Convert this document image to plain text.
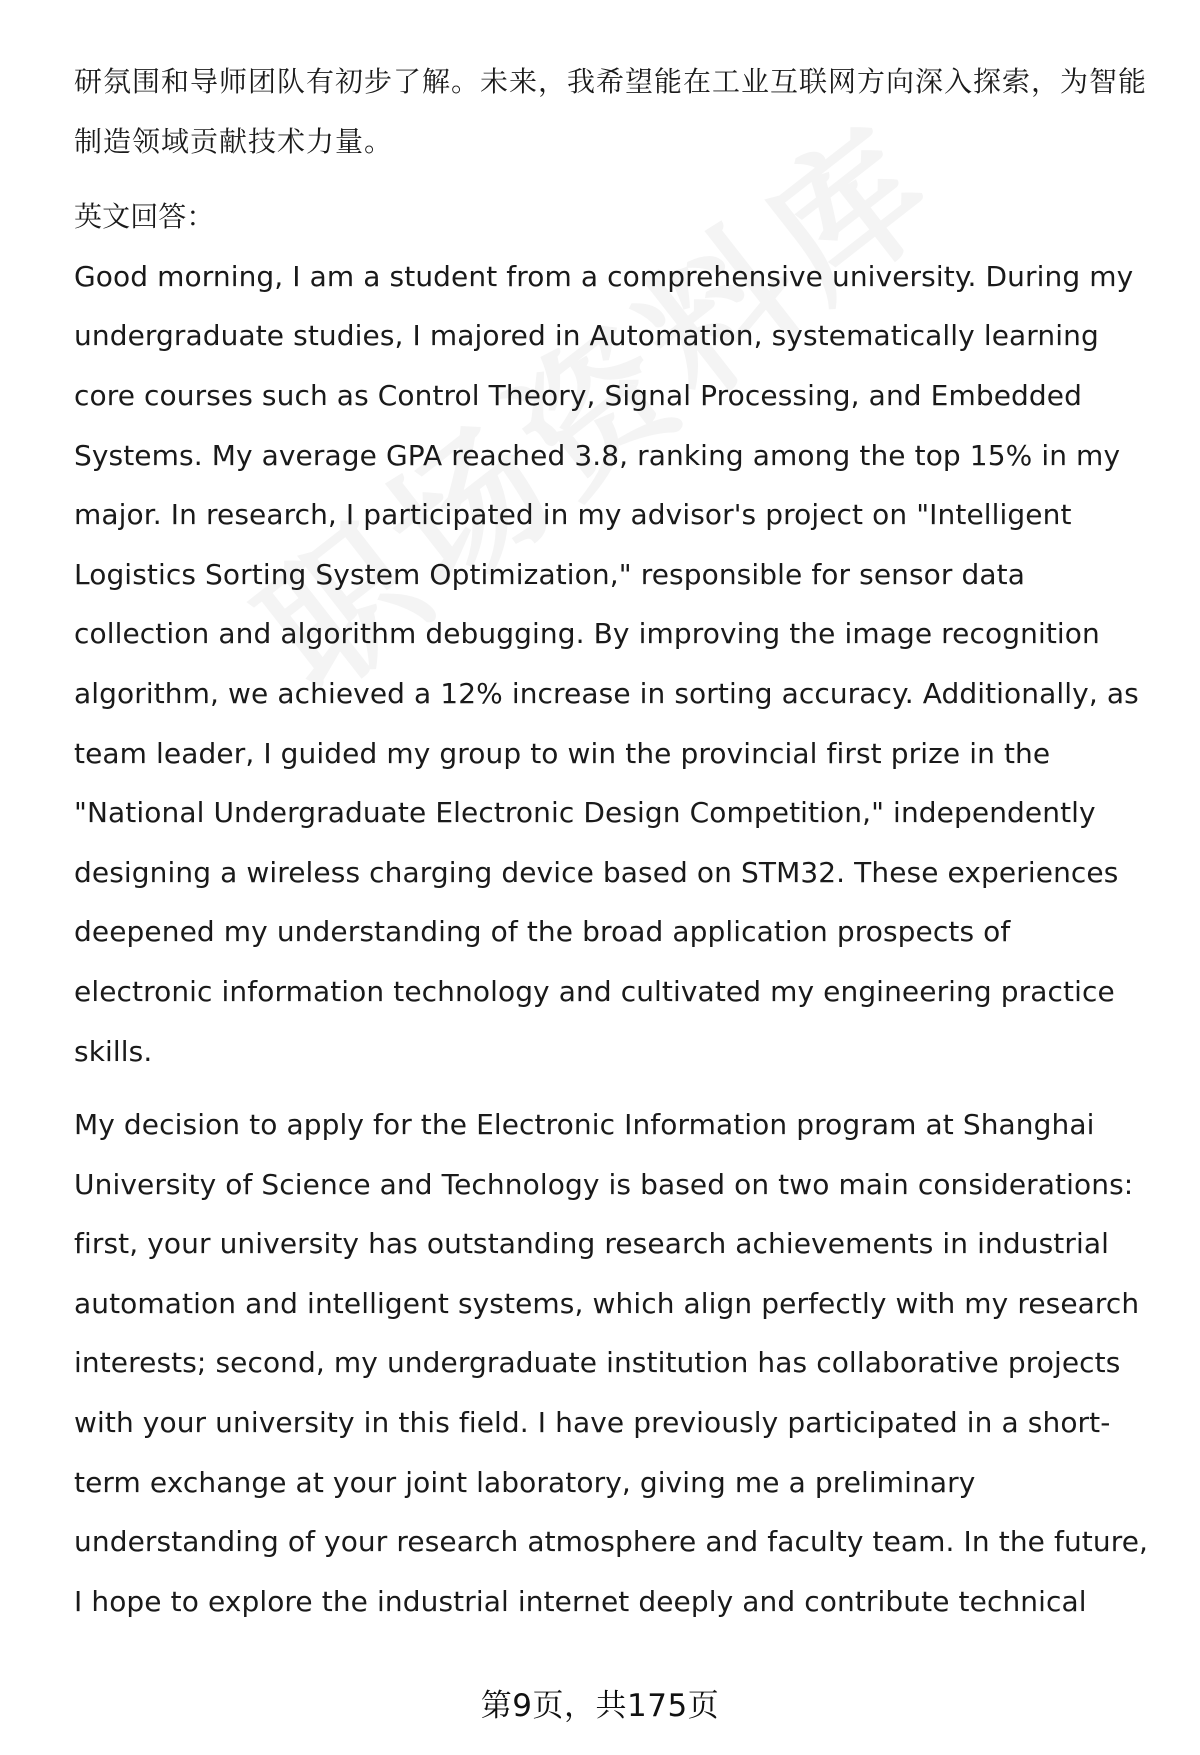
研氛围和导师团队有初步了解。未来，我希望能在工业互联网方向深入探索，为智能制造领域贡献技术力量。

英文回答：

Good morning, I am a student from a comprehensive university. During my undergraduate studies, I majored in Automation, systematically learning core courses such as Control Theory, Signal Processing, and Embedded Systems. My average GPA reached 3.8, ranking among the top 15% in my major. In research, I participated in my advisor's project on "Intelligent Logistics Sorting System Optimization," responsible for sensor data collection and algorithm debugging. By improving the image recognition algorithm, we achieved a 12% increase in sorting accuracy. Additionally, as team leader, I guided my group to win the provincial first prize in the "National Undergraduate Electronic Design Competition," independently designing a wireless charging device based on STM32. These experiences deepened my understanding of the broad application prospects of electronic information technology and cultivated my engineering practice skills.

My decision to apply for the Electronic Information program at Shanghai University of Science and Technology is based on two main considerations: first, your university has outstanding research achievements in industrial automation and intelligent systems, which align perfectly with my research interests; second, my undergraduate institution has collaborative projects with your university in this field. I have previously participated in a short-term exchange at your joint laboratory, giving me a preliminary understanding of your research atmosphere and faculty team. In the future, I hope to explore the industrial internet deeply and contribute technical

第9页，共175页
